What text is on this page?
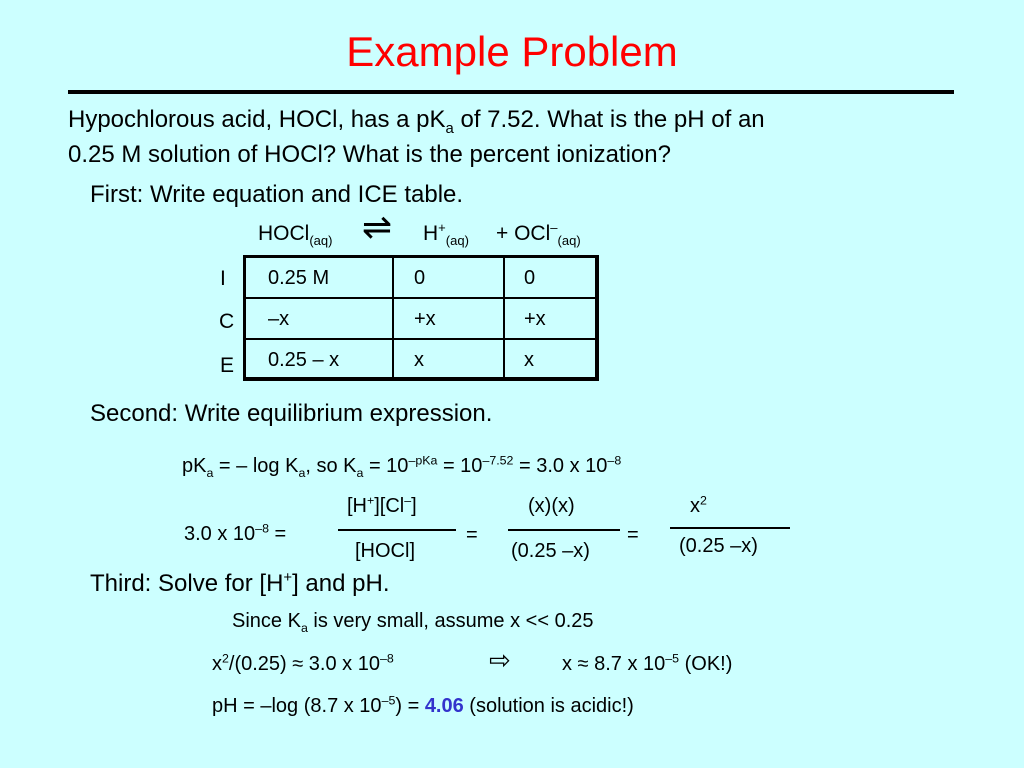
Example Problem
Hypochlorous acid, HOCl, has a $pK_a$ of 7.52. What is the pH of an
0.25 M solution of HOCl? What is the percent ionization?
First: Write equation and ICE table.
HOCl$_{(aq)}$ ⇌ $H^+_{(aq)} + OCl^-_{(aq)}$
I
C
E
0.25 M	0	0
–x	+x	+x
0.25 – x	x	x
Second: Write equilibrium expression.
$pK_a$ = – $\log K_a$, so $K_a = 10^{-pKa} = 10^{-7.52} = 3.0$ x $10^{-8}$
3.0 x $10^{-8}$ =
[H+][Cl–]
[HOCl]
=
(x)(x)
(0.25 –x)
=
$x^2$
(0.25 –x)
Third: Solve for [H+] and pH.
Since $K_a$ is very small, assume x << 0.25
$x^2/(0.25) \approx 3.0$ x $10^{-8}$	⇨	x ≈ 8.7 x $10^{-5}$ (OK!)
pH = –log (8.7 x $10^{-5}) = 4.06$ (solution is acidic!)
